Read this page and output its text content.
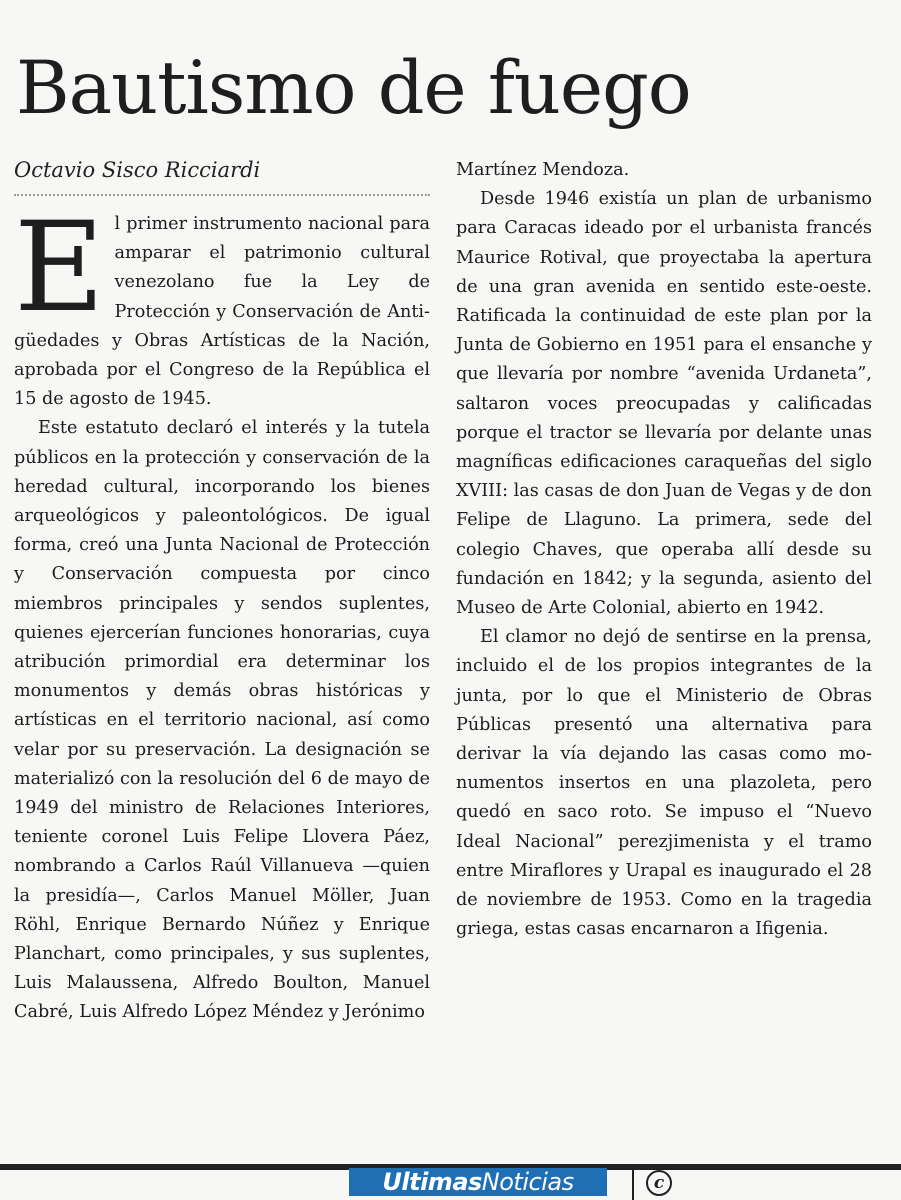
Bautismo de fuego
Octavio Sisco Ricciardi

El primer instrumento nacional para amparar el patrimonio cultural venezolano fue la Ley de Protección y Conservación de Antigüedades y Obras Artísticas de la Nación, aprobada por el Congreso de la República el 15 de agosto de 1945.

Este estatuto declaró el interés y la tutela públicos en la protección y conservación de la heredad cultural, incorporando los bienes arqueológicos y paleontológicos. De igual forma, creó una Junta Nacional de Protección y Conservación compuesta por cinco miembros principales y sendos suplentes, quienes ejercerían funciones honorarias, cuya atribución primordial era determinar los monumentos y demás obras históricas y artísticas en el territorio nacional, así como velar por su preservación. La designación se materializó con la resolución del 6 de mayo de 1949 del ministro de Relaciones Interiores, teniente coronel Luis Felipe Llovera Páez, nombrando a Carlos Raúl Villanueva —quien la presidía—, Carlos Manuel Möller, Juan Röhl, Enrique Bernardo Núñez y Enrique Planchart, como principales, y sus suplentes, Luis Malaussena, Alfredo Boulton, Manuel Cabré, Luis Alfredo López Méndez y Jerónimo

Martínez Mendoza.

Desde 1946 existía un plan de urbanismo para Caracas ideado por el urbanista francés Maurice Rotival, que proyectaba la apertura de una gran avenida en sentido este-oeste. Ratificada la continuidad de este plan por la Junta de Gobierno en 1951 para el ensanche y que llevaría por nombre “avenida Urdaneta”, saltaron voces preocupadas y calificadas porque el tractor se llevaría por delante unas magníficas edificaciones caraqueñas del siglo XVIII: las casas de don Juan de Vegas y de don Felipe de Llaguno. La primera, sede del colegio Chaves, que operaba allí desde su fundación en 1842; y la segunda, asiento del Museo de Arte Colonial, abierto en 1942.

El clamor no dejó de sentirse en la prensa, incluido el de los propios integrantes de la junta, por lo que el Ministerio de Obras Públicas presentó una alternativa para derivar la vía dejando las casas como monumentos insertos en una plazoleta, pero quedó en saco roto. Se impuso el “Nuevo Ideal Nacional” perezjimenista y el tramo entre Miraflores y Urapal es inaugurado el 28 de noviembre de 1953. Como en la tragedia griega, estas casas encarnaron a Ifigenia.

Ultimas Noticias	c
